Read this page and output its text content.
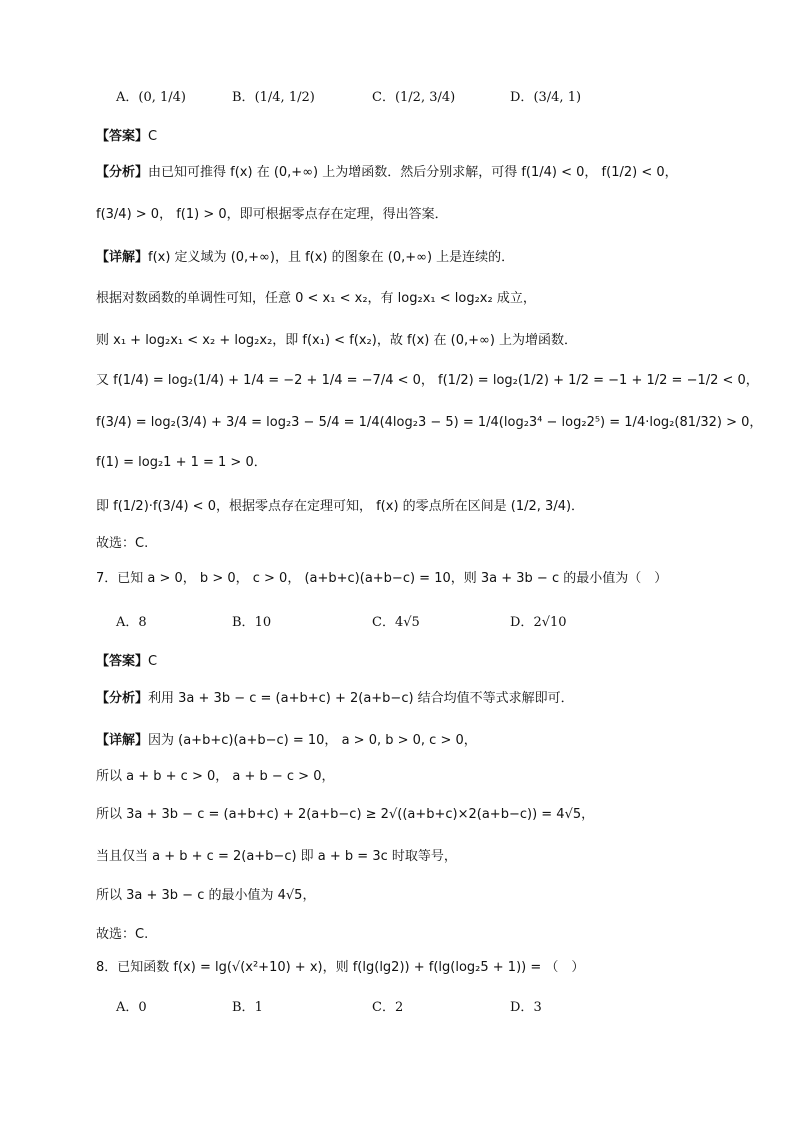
A．(0, 1/4)	B．(1/4, 1/2)	C．(1/2, 3/4)	D．(3/4, 1)
【答案】C
【分析】由已知可推得 f(x) 在 (0,+∞) 上为增函数．然后分别求解，可得 f(1/4) < 0， f(1/2) < 0，
f(3/4) > 0， f(1) > 0，即可根据零点存在定理，得出答案．
【详解】f(x) 定义域为 (0,+∞)，且 f(x) 的图象在 (0,+∞) 上是连续的．
根据对数函数的单调性可知，任意 0 < x₁ < x₂，有 log₂x₁ < log₂x₂ 成立，
则 x₁ + log₂x₁ < x₂ + log₂x₂，即 f(x₁) < f(x₂)，故 f(x) 在 (0,+∞) 上为增函数．
又 f(1/4) = log₂(1/4) + 1/4 = −2 + 1/4 = −7/4 < 0， f(1/2) = log₂(1/2) + 1/2 = −1 + 1/2 = −1/2 < 0，
f(3/4) = log₂(3/4) + 3/4 = log₂3 − 5/4 = 1/4(4log₂3 − 5) = 1/4(log₂3⁴ − log₂2⁵) = 1/4·log₂(81/32) > 0，
f(1) = log₂1 + 1 = 1 > 0．
即 f(1/2)·f(3/4) < 0，根据零点存在定理可知， f(x) 的零点所在区间是 (1/2, 3/4)．
故选：C.
7．已知 a > 0， b > 0， c > 0， (a+b+c)(a+b−c) = 10，则 3a + 3b − c 的最小值为（　）
A．8	B．10	C．4√5	D．2√10
【答案】C
【分析】利用 3a + 3b − c = (a+b+c) + 2(a+b−c) 结合均值不等式求解即可．
【详解】因为 (a+b+c)(a+b−c) = 10， a > 0, b > 0, c > 0，
所以 a + b + c > 0， a + b − c > 0，
所以 3a + 3b − c = (a+b+c) + 2(a+b−c) ≥ 2√((a+b+c)×2(a+b−c)) = 4√5，
当且仅当 a + b + c = 2(a+b−c) 即 a + b = 3c 时取等号，
所以 3a + 3b − c 的最小值为 4√5，
故选：C.
8．已知函数 f(x) = lg(√(x²+10) + x)，则 f(lg(lg2)) + f(lg(log₂5 + 1)) = （　）
A．0	B．1	C．2	D．3
